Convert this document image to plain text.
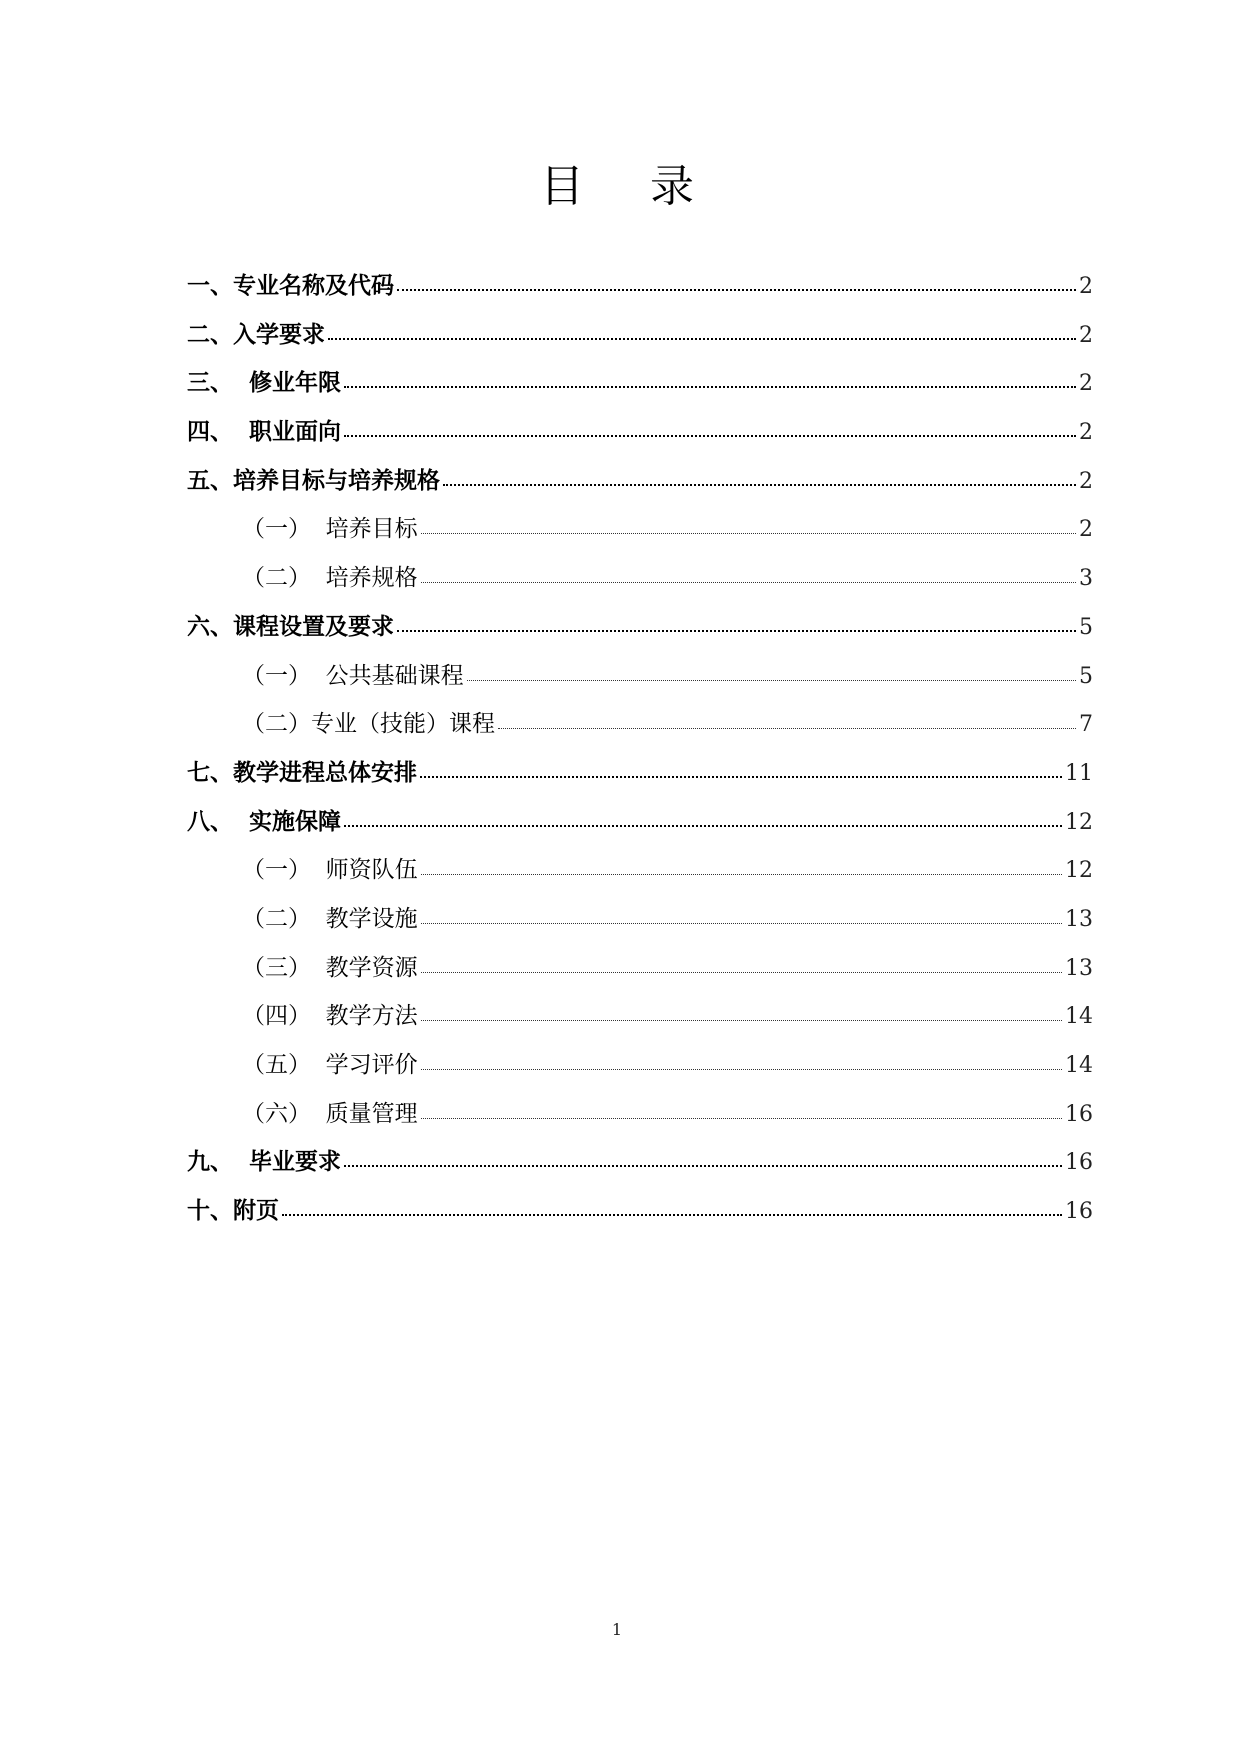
目 录
一、 专业名称及代码	2
二、 入学要求	2
三、 修业年限	2
四、 职业面向	2
五、 培养目标与培养规格	2
（一） 培养目标	2
（二） 培养规格	3
六、 课程设置及要求	5
（一） 公共基础课程	5
（二） 专业（技能）课程	7
七、 教学进程总体安排	11
八、 实施保障	12
（一） 师资队伍	12
（二） 教学设施	13
（三） 教学资源	13
（四） 教学方法	14
（五） 学习评价	14
（六） 质量管理	16
九、 毕业要求	16
十、 附页	16
1
